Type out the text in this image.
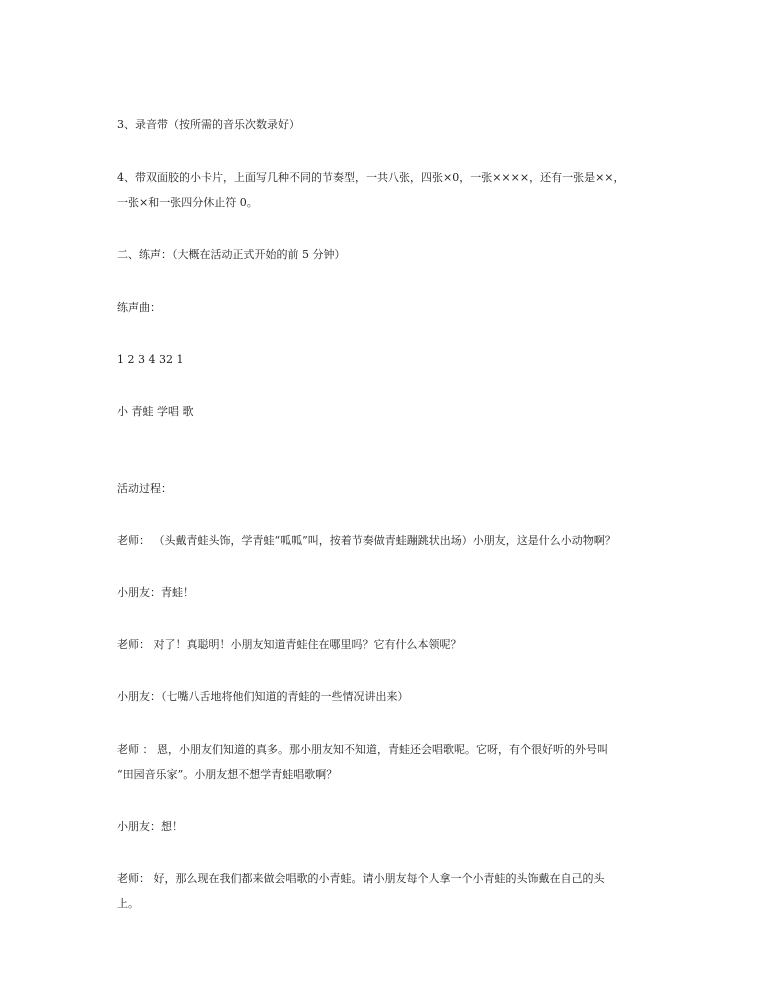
3、录音带（按所需的音乐次数录好）
4、带双面胶的小卡片，上面写几种不同的节奏型，一共八张，四张×0，一张××××，还有一张是××，
一张×和一张四分休止符 0。
二、练声：（大概在活动正式开始的前 5 分钟）
练声曲：
1 2 3 4 32 1
小 青蛙 学唱 歌
活动过程：
老师： （头戴青蛙头饰，学青蛙“呱呱”叫，按着节奏做青蛙蹦跳状出场）小朋友，这是什么小动物啊？
小朋友：青蛙！
老师： 对了！真聪明！小朋友知道青蛙住在哪里吗？它有什么本领呢？
小朋友：（七嘴八舌地将他们知道的青蛙的一些情况讲出来）
老师 ： 恩，小朋友们知道的真多。那小朋友知不知道，青蛙还会唱歌呢。它呀，有个很好听的外号叫
“田园音乐家”。小朋友想不想学青蛙唱歌啊？
小朋友：想！
老师： 好，那么现在我们都来做会唱歌的小青蛙。请小朋友每个人拿一个小青蛙的头饰戴在自己的头
上。
